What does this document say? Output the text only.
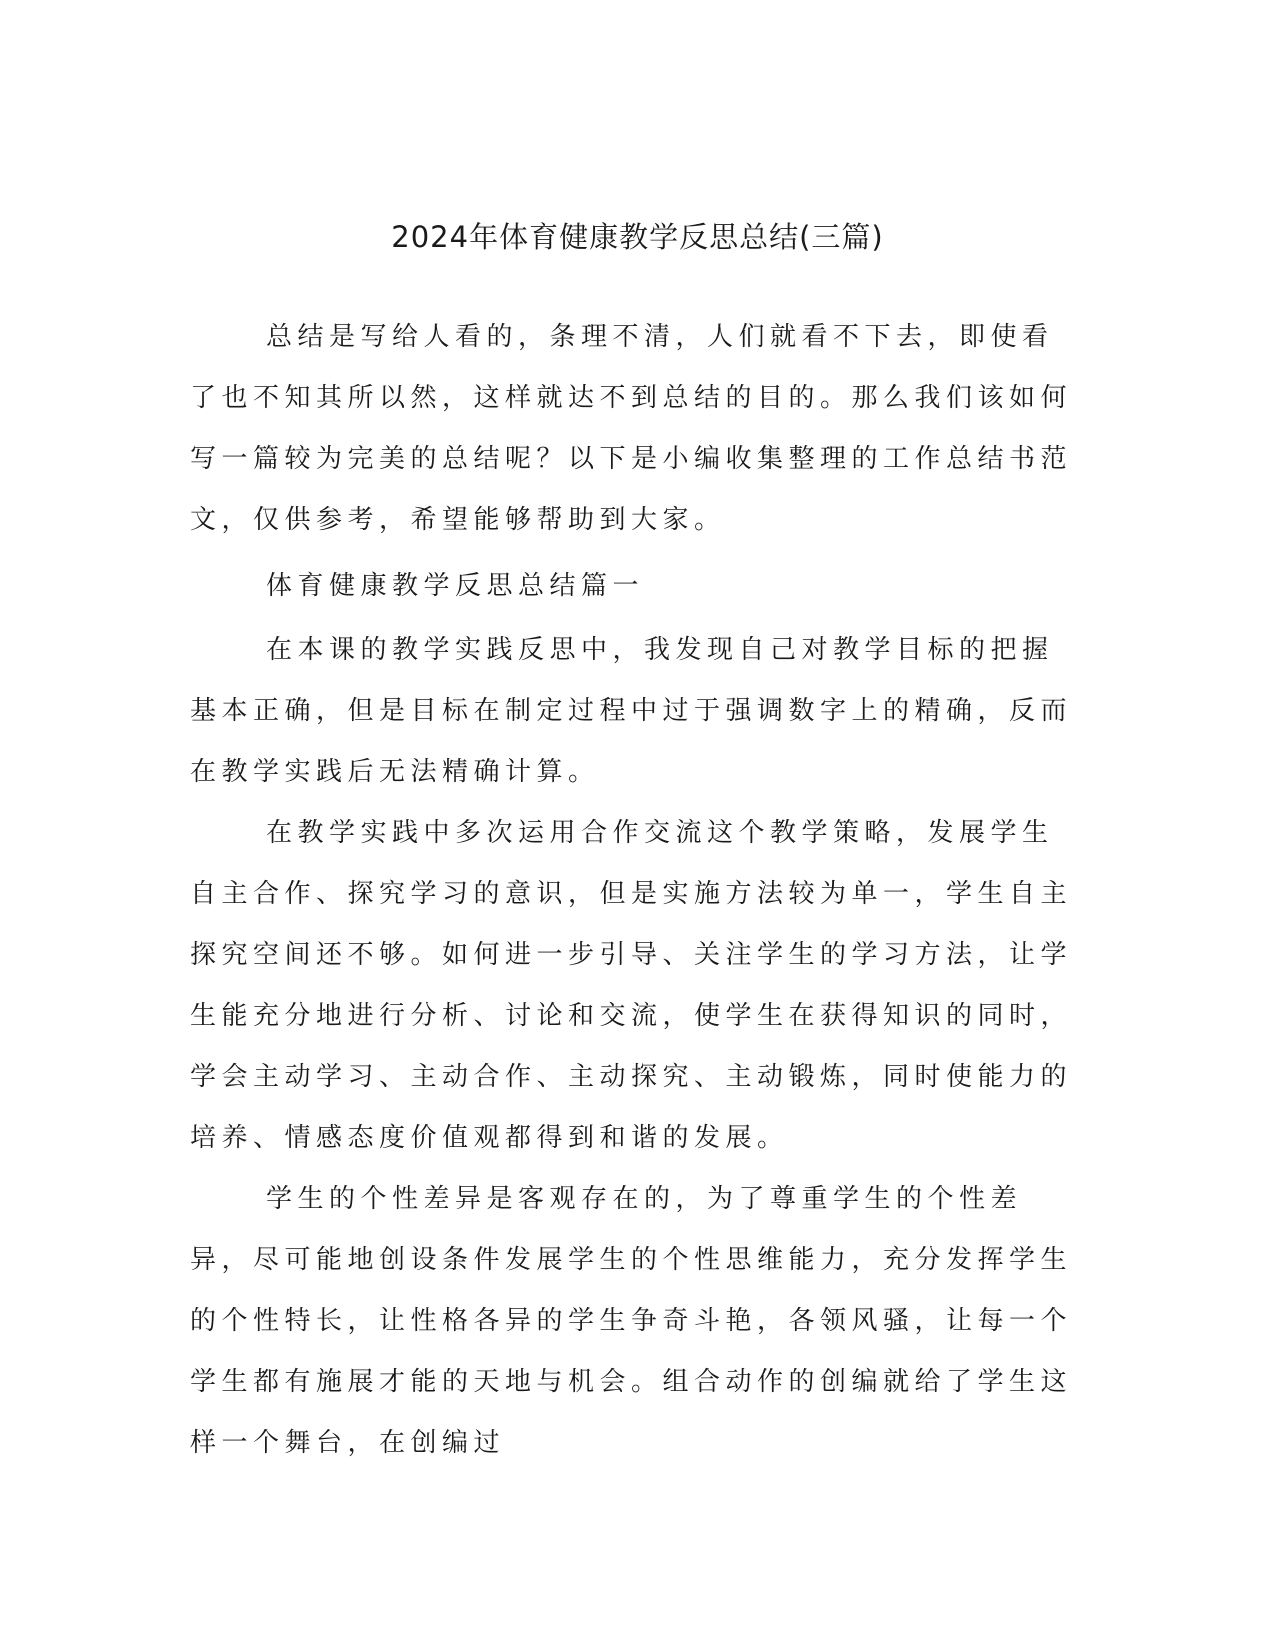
2024年体育健康教学反思总结(三篇)

总结是写给人看的，条理不清，人们就看不下去，即使看了也不知其所以然，这样就达不到总结的目的。那么我们该如何写一篇较为完美的总结呢？以下是小编收集整理的工作总结书范文，仅供参考，希望能够帮助到大家。

体育健康教学反思总结篇一

在本课的教学实践反思中，我发现自己对教学目标的把握基本正确，但是目标在制定过程中过于强调数字上的精确，反而在教学实践后无法精确计算。

在教学实践中多次运用合作交流这个教学策略，发展学生自主合作、探究学习的意识，但是实施方法较为单一，学生自主探究空间还不够。如何进一步引导、关注学生的学习方法，让学生能充分地进行分析、讨论和交流，使学生在获得知识的同时，学会主动学习、主动合作、主动探究、主动锻炼，同时使能力的培养、情感态度价值观都得到和谐的发展。

学生的个性差异是客观存在的，为了尊重学生的个性差异，尽可能地创设条件发展学生的个性思维能力，充分发挥学生的个性特长，让性格各异的学生争奇斗艳，各领风骚，让每一个学生都有施展才能的天地与机会。组合动作的创编就给了学生这样一个舞台，在创编过
